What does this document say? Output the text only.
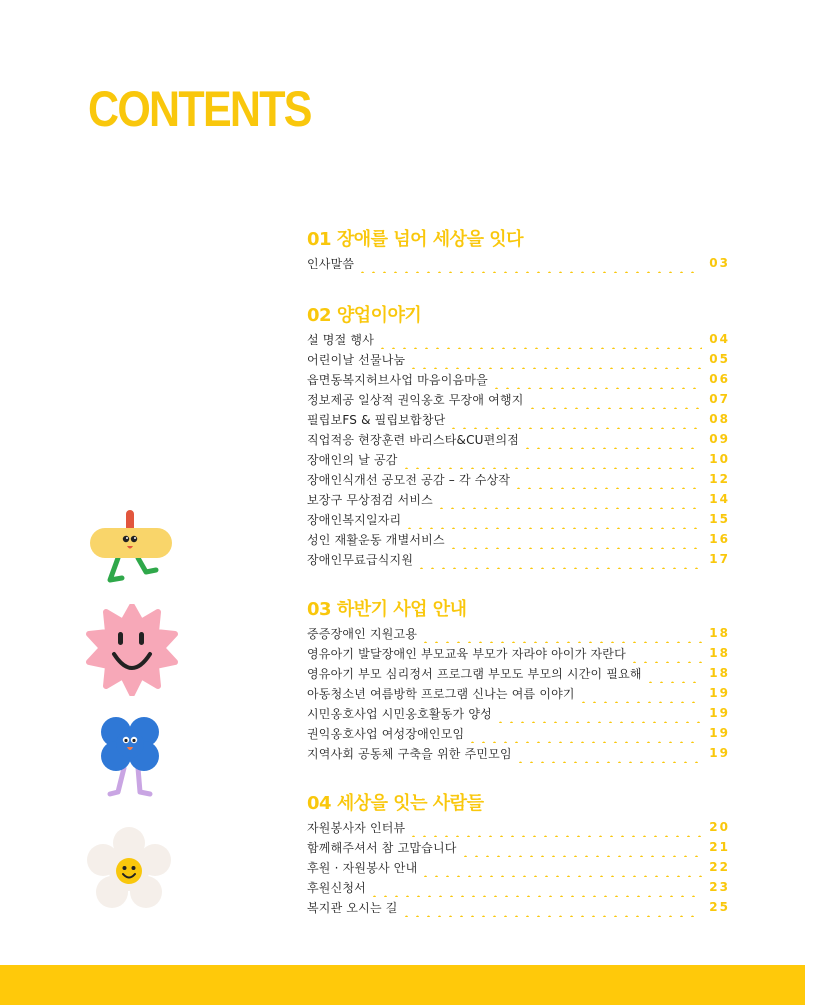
CONTENTS
01 장애를 넘어 세상을 잇다
인사말씀	03
02 양업이야기
설 명절 행사	04
어린이날 선물나눔	05
읍면동복지허브사업 마음이음마을	06
정보제공 일상적 권익옹호 무장애 여행지	07
필립보FS & 필립보합창단	08
직업적응 현장훈련 바리스타&CU편의점	09
장애인의 날 공감	10
장애인식개선 공모전 공감 – 각 수상작	12
보장구 무상점검 서비스	14
장애인복지일자리	15
성인 재활운동 개별서비스	16
장애인무료급식지원	17
03 하반기 사업 안내
중증장애인 지원고용	18
영유아기 발달장애인 부모교육 부모가 자라야 아이가 자란다	18
영유아기 부모 심리정서 프로그램 부모도 부모의 시간이 필요해	18
아동청소년 여름방학 프로그램 신나는 여름 이야기	19
시민옹호사업 시민옹호활동가 양성	19
권익옹호사업 여성장애인모임	19
지역사회 공동체 구축을 위한 주민모임	19
04 세상을 잇는 사람들
자원봉사자 인터뷰	20
함께해주셔서 참 고맙습니다	21
후원 · 자원봉사 안내	22
후원신청서	23
복지관 오시는 길	25
